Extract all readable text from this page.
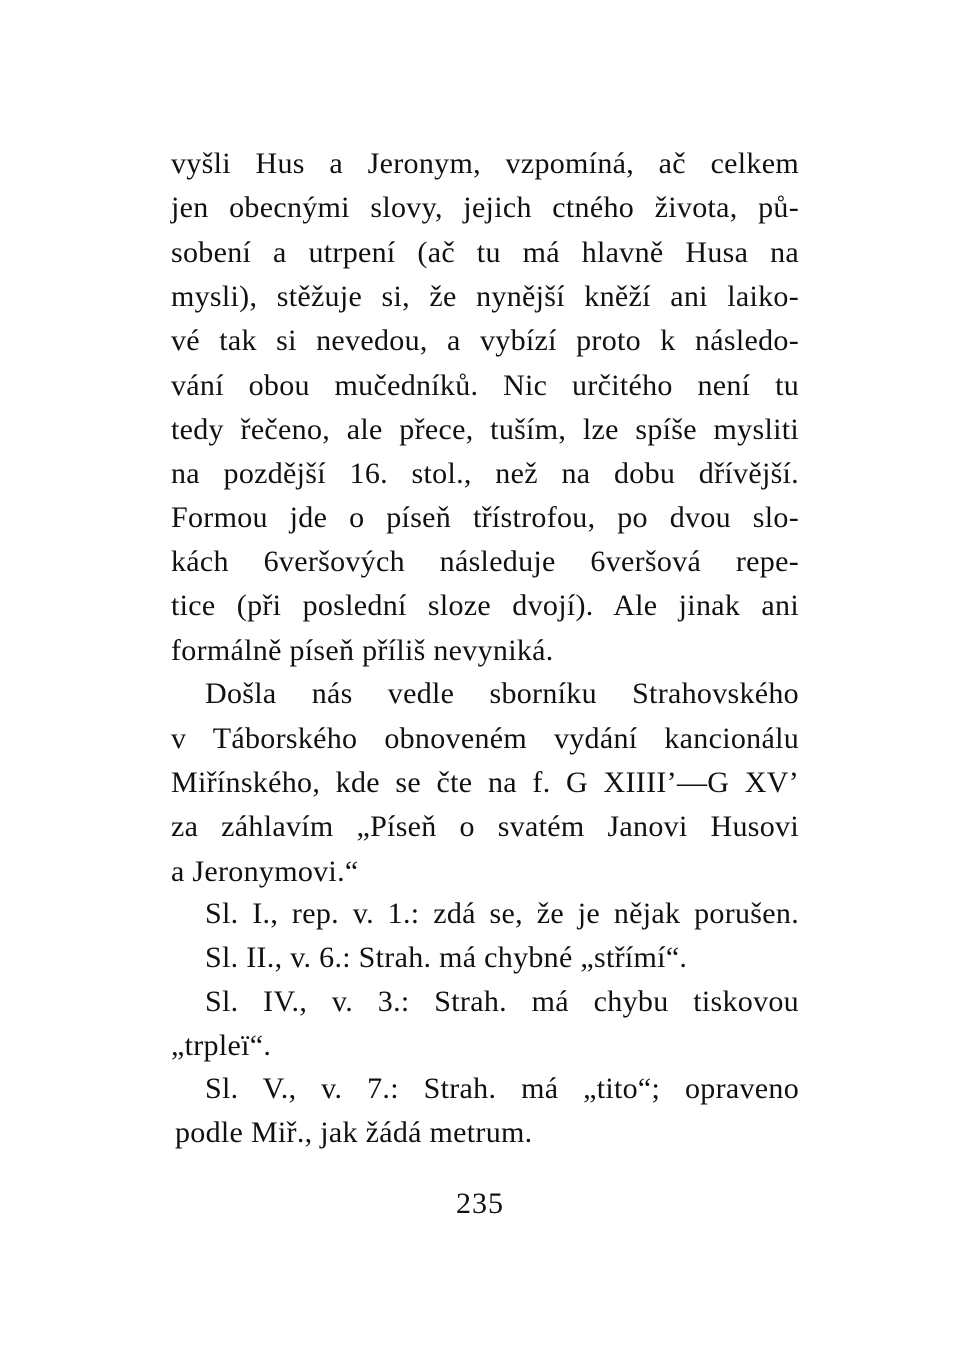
vyšli Hus a Jeronym, vzpomíná, ač celkem
jen obecnými slovy, jejich ctného života, pů-
sobení a utrpení (ač tu má hlavně Husa na
mysli), stěžuje si, že nynější kněží ani laiko-
vé tak si nevedou, a vybízí proto k následo-
vání obou mučedníků. Nic určitého není tu
tedy řečeno, ale přece, tuším, lze spíše mysliti
na pozdější 16. stol., než na dobu dřívější.
Formou jde o píseň třístrofou, po dvou slo-
kách 6veršových následuje 6veršová repe-
tice (při poslední sloze dvojí). Ale jinak ani
formálně píseň příliš nevyniká.
Došla nás vedle sborníku Strahovského
v Táborského obnoveném vydání kancionálu
Miřínského, kde se čte na f. G XIIII’—G XV’
za záhlavím „Píseň o svatém Janovi Husovi
a Jeronymovi.“
Sl. I., rep. v. 1.: zdá se, že je nějak porušen.
Sl. II., v. 6.: Strah. má chybné „střímí“.
Sl. IV., v. 3.: Strah. má chybu tiskovou
„trpleï“.
Sl. V., v. 7.: Strah. má „tito“; opraveno
podle Miř., jak žádá metrum.
235
